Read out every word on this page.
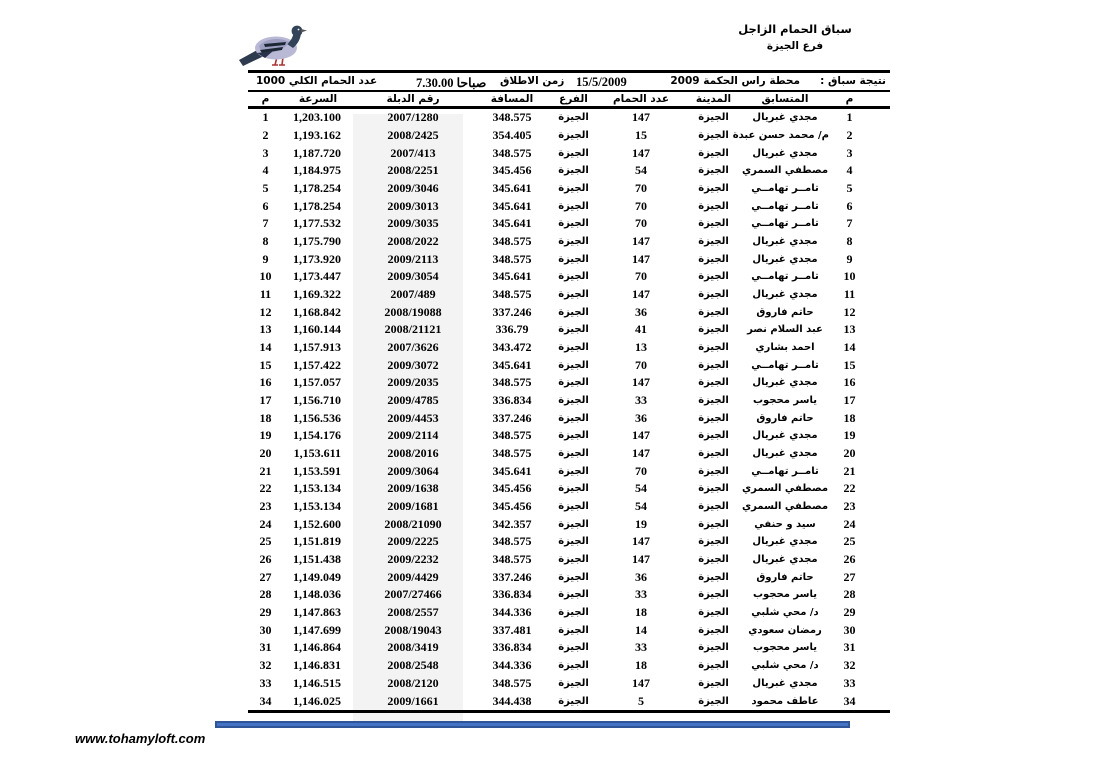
سباق الحمام الزاجل
فرع الجيزة
عدد الحمام الكلي 1000	7.30.00 صباحا زمن الاطلاق 15/5/2009	محطة راس الحكمة 2009 نتيجة سباق :
م	السرعة	رقم الدبلة	المسافة	الفرع	عدد الحمام	المدينة	المتسابق	م
1	1,203.100	2007/1280	348.575	الجيزة	147	الجيزة	مجدي غبريال	1
2	1,193.162	2008/2425	354.405	الجيزة	15	الجيزة م/ محمد حسن عبدة	2
3	1,187.720	2007/413	348.575	الجيزة	147	الجيزة	مجدي غبريال	3
4	1,184.975	2008/2251	345.456	الجيزة	54	الجيزة	مصطفي السمري	4
5	1,178.254	2009/3046	345.641	الجيزة	70	الجيزة	تامــر تهامــي	5
6	1,178.254	2009/3013	345.641	الجيزة	70	الجيزة	تامــر تهامــي	6
7	1,177.532	2009/3035	345.641	الجيزة	70	الجيزة	تامــر تهامــي	7
8	1,175.790	2008/2022	348.575	الجيزة	147	الجيزة	مجدي غبريال	8
9	1,173.920	2009/2113	348.575	الجيزة	147	الجيزة	مجدي غبريال	9
10	1,173.447	2009/3054	345.641	الجيزة	70	الجيزة	تامــر تهامــي	10
11	1,169.322	2007/489	348.575	الجيزة	147	الجيزة	مجدي غبريال	11
12	1,168.842	2008/19088	337.246	الجيزة	36	الجيزة	حاتم فاروق	12
13	1,160.144	2008/21121	336.79	الجيزة	41	الجيزة	عبد السلام نصر	13
14	1,157.913	2007/3626	343.472	الجيزة	13	الجيزة	احمد بشاري	14
15	1,157.422	2009/3072	345.641	الجيزة	70	الجيزة	تامــر تهامــي	15
16	1,157.057	2009/2035	348.575	الجيزة	147	الجيزة	مجدي غبريال	16
17	1,156.710	2009/4785	336.834	الجيزة	33	الجيزة	ياسر محجوب	17
18	1,156.536	2009/4453	337.246	الجيزة	36	الجيزة	حاتم فاروق	18
19	1,154.176	2009/2114	348.575	الجيزة	147	الجيزة	مجدي غبريال	19
20	1,153.611	2008/2016	348.575	الجيزة	147	الجيزة	مجدي غبريال	20
21	1,153.591	2009/3064	345.641	الجيزة	70	الجيزة	تامــر تهامــي	21
22	1,153.134	2009/1638	345.456	الجيزة	54	الجيزة	مصطفي السمري	22
23	1,153.134	2009/1681	345.456	الجيزة	54	الجيزة	مصطفي السمري	23
24	1,152.600	2008/21090	342.357	الجيزة	19	الجيزة	سيد و حنفي	24
25	1,151.819	2009/2225	348.575	الجيزة	147	الجيزة	مجدي غبريال	25
26	1,151.438	2009/2232	348.575	الجيزة	147	الجيزة	مجدي غبريال	26
27	1,149.049	2009/4429	337.246	الجيزة	36	الجيزة	حاتم فاروق	27
28	1,148.036	2007/27466	336.834	الجيزة	33	الجيزة	ياسر محجوب	28
29	1,147.863	2008/2557	344.336	الجيزة	18	الجيزة	د/ محي شلبي	29
30	1,147.699	2008/19043	337.481	الجيزة	14	الجيزة	رمضان سعودي	30
31	1,146.864	2008/3419	336.834	الجيزة	33	الجيزة	ياسر محجوب	31
32	1,146.831	2008/2548	344.336	الجيزة	18	الجيزة	د/ محي شلبي	32
33	1,146.515	2008/2120	348.575	الجيزة	147	الجيزة	مجدي غبريال	33
34	1,146.025	2009/1661	344.438	الجيزة	5	الجيزة	عاطف محمود	34
www.tohamyloft.com
